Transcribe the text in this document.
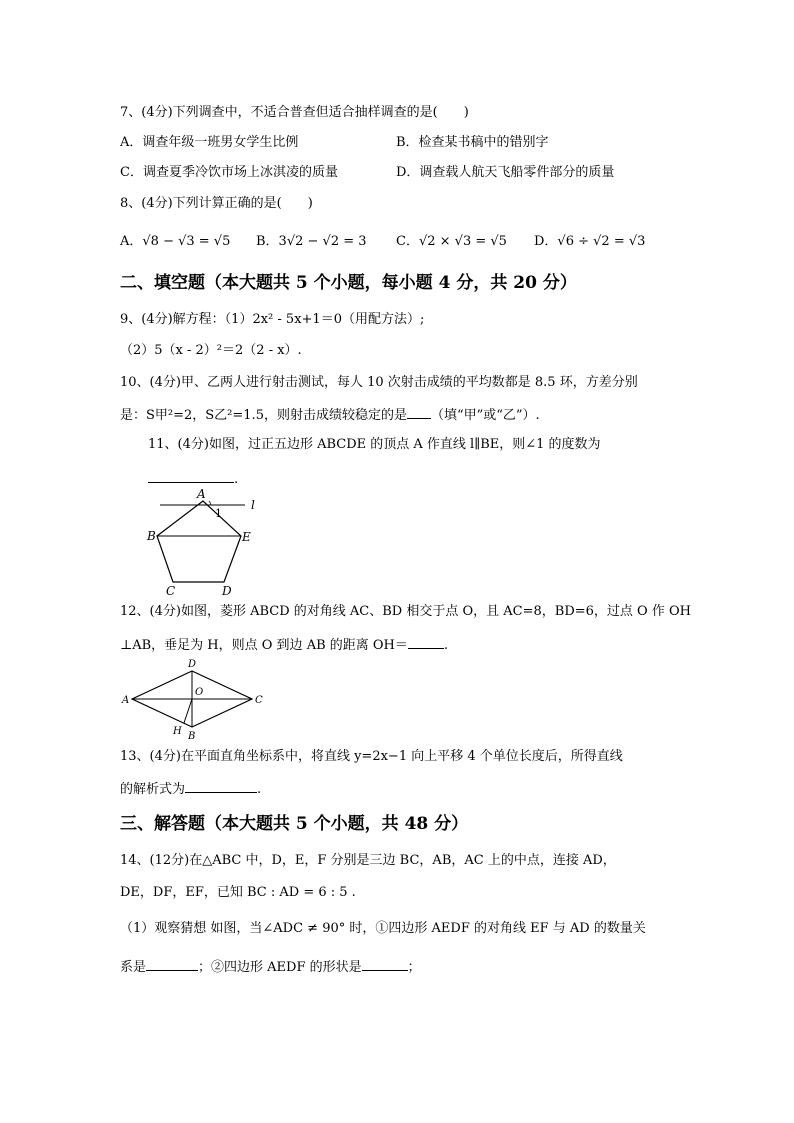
7、(4分)下列调查中，不适合普查但适合抽样调查的是(　　)
A．调查年级一班男女学生比例	B．检查某书稿中的错别字
C．调查夏季冷饮市场上冰淇凌的质量	D．调查载人航天飞船零件部分的质量
8、(4分)下列计算正确的是(　　)
A．√8 − √3 = √5 B．3√2 − √2 = 3 C．√2 × √3 = √5 D．√6 ÷ √2 = √3
二、填空题（本大题共 5 个小题，每小题 4 分，共 20 分）
9、(4分)解方程：（1）2x² - 5x+1＝0（用配方法）;
（2）5（x - 2）²＝2（2 - x）.
10、(4分)甲、乙两人进行射击测试，每人 10 次射击成绩的平均数都是 8.5 环，方差分别
是：S甲²=2，S乙²=1.5，则射击成绩较稳定的是 （填“甲”或“乙”）.
11、(4分)如图，过正五边形 ABCDE 的顶点 A 作直线 l∥BE，则∠1 的度数为
.
A
l
1
B	E
C	D
12、(4分)如图，菱形 ABCD 的对角线 AC、BD 相交于点 O，且 AC=8，BD=6，过点 O 作 OH
⊥AB，垂足为 H，则点 O 到边 AB 的距离 OH＝	.
D
A	C
O
H B
13、(4分)在平面直角坐标系中，将直线 y=2x−1 向上平移 4 个单位长度后，所得直线
的解析式为	.
三、解答题（本大题共 5 个小题，共 48 分）
14、(12分)在△ABC 中，D，E，F 分别是三边 BC，AB，AC 上的中点，连接 AD，
DE，DF，EF，已知 BC : AD = 6 : 5 .
（1）观察猜想 如图，当∠ADC ≠ 90° 时，①四边形 AEDF 的对角线 EF 与 AD 的数量关
系是	；②四边形 AEDF 的形状是	；
